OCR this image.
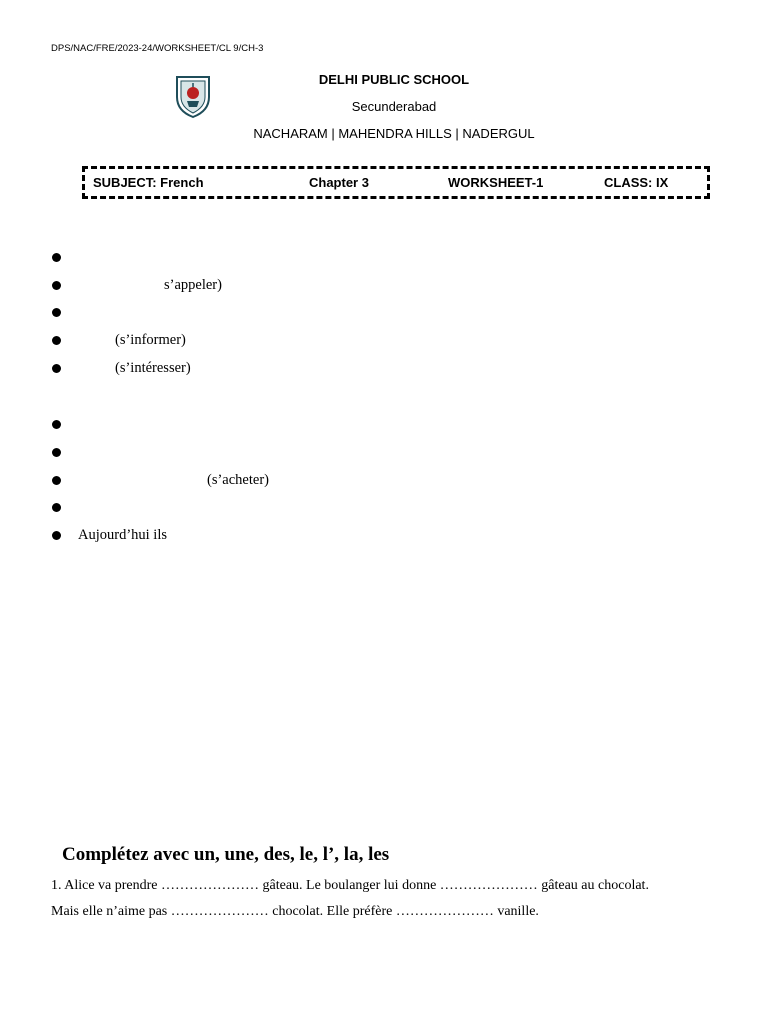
DPS/NAC/FRE/2023-24/WORKSHEET/CL 9/CH-3
DELHI PUBLIC SCHOOL
Secunderabad
NACHARAM | MAHENDRA HILLS | NADERGUL
SUBJECT: French	Chapter 3	WORKSHEET-1	CLASS: IX
s’appeler)
(s’informer)
(s’intéresser)
(s’acheter)
Aujourd’hui ils
Complétez avec un, une, des, le, l’, la, les
1. Alice va prendre ………………… gâteau. Le boulanger lui donne ………………… gâteau au chocolat.
Mais elle n’aime pas ………………… chocolat. Elle préfère ………………… vanille.
